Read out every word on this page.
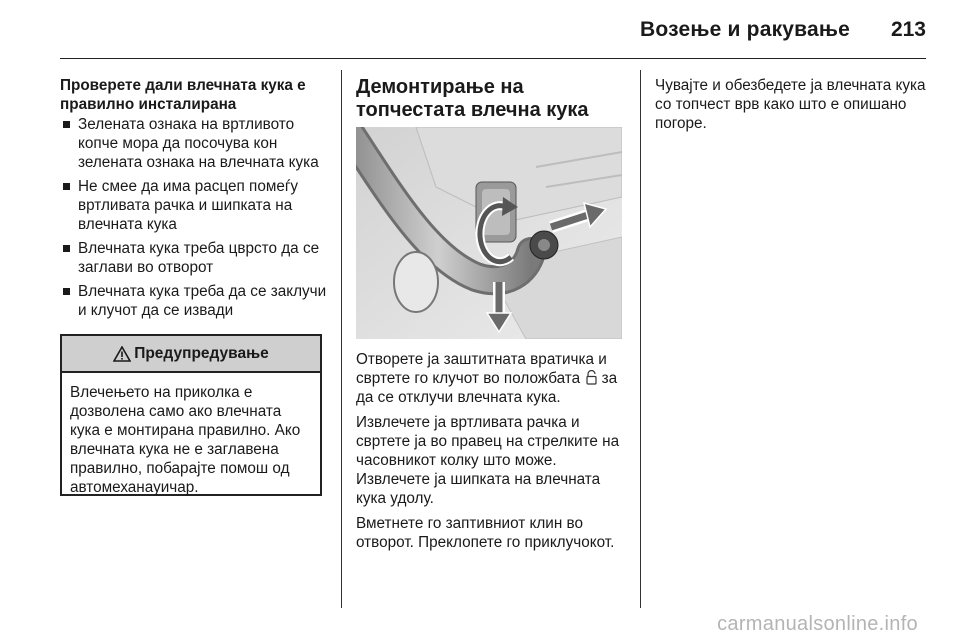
Возење и ракување	213
Проверете дали влечната кука е правилно инсталирана
Зелената ознака на вртливото копче мора да посочува кон зелената ознака на влечната кука
Не смее да има расцеп помеѓу вртливата рачка и шипката на влечната кука
Влечната кука треба цврсто да се заглави во отворот
Влечната кука треба да се заклучи и клучот да се извади
Предупредување
Влечењето на приколка е дозволена само ако влечната кука е монтирана правилно. Ако влечната кука не е заглавена правилно, побарајте помош од автомеханауичар.
Демонтирање на топчестата влечна кука

Отворете ја заштитната вратичка и свртете го клучот во положбата за да се отклучи влечната кука.

Извлечете ја вртливата рачка и свртете ја во правец на стрелките на часовникот колку што може. Извлечете ја шипката на влечната кука удолу.

Вметнете го заптивниот клин во отворот. Преклопете го приклучокот.

Чувајте и обезбедете ја влечната кука со топчест врв како што е опишано погоре.

carmanualsonline.info
